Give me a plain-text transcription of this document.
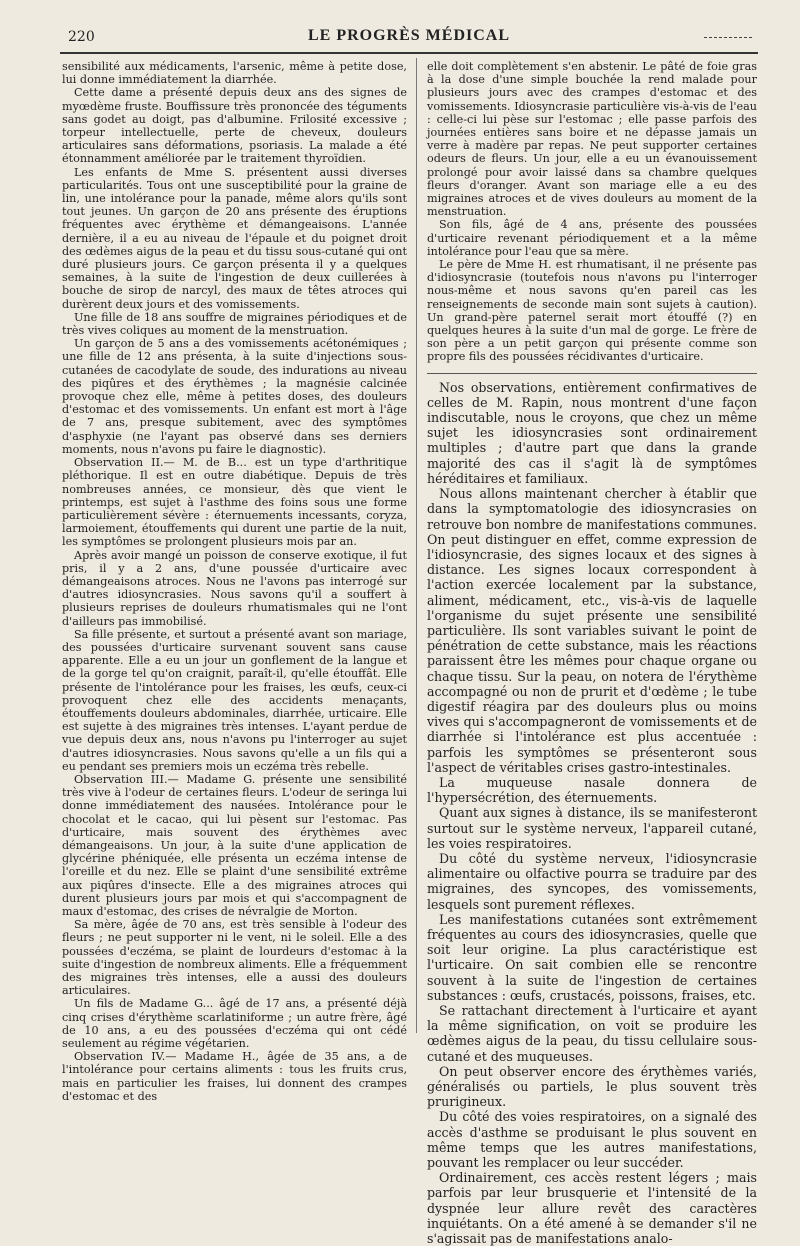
220	LE PROGRÈS MÉDICAL

sensibilité aux médicaments, l'arsenic, même à petite dose, lui donne immédiatement la diarrhée.

Cette dame a présenté depuis deux ans des signes de myœdème fruste. Bouffissure très prononcée des téguments sans godet au doigt, pas d'albumine. Frilosité excessive ; torpeur intellectuelle, perte de cheveux, douleurs articulaires sans déformations, psoriasis. La malade a été étonnamment améliorée par le traitement thyroïdien.

Les enfants de Mme S. présentent aussi diverses particularités. Tous ont une susceptibilité pour la graine de lin, une intolérance pour la panade, même alors qu'ils sont tout jeunes. Un garçon de 20 ans présente des éruptions fréquentes avec érythème et démangeaisons. L'année dernière, il a eu au niveau de l'épaule et du poignet droit des œdèmes aigus de la peau et du tissu sous-cutané qui ont duré plusieurs jours. Ce garçon présenta il y a quelques semaines, à la suite de l'ingestion de deux cuillerées à bouche de sirop de narcyl, des maux de têtes atroces qui durèrent deux jours et des vomissements.

Une fille de 18 ans souffre de migraines périodiques et de très vives coliques au moment de la menstruation.

Un garçon de 5 ans a des vomissements acétonémiques ; une fille de 12 ans présenta, à la suite d'injections sous-cutanées de cacodylate de soude, des indurations au niveau des piqûres et des érythèmes ; la magnésie calcinée provoque chez elle, même à petites doses, des douleurs d'estomac et des vomissements. Un enfant est mort à l'âge de 7 ans, presque subitement, avec des symptômes d'asphyxie (ne l'ayant pas observé dans ses derniers moments, nous n'avons pu faire le diagnostic).

Observation II.— M. de B... est un type d'arthritique pléthorique. Il est en outre diabétique. Depuis de très nombreuses années, ce monsieur, dès que vient le printemps, est sujet à l'asthme des foins sous une forme particulièrement sévère : éternuements incessants, coryza, larmoiement, étouffements qui durent une partie de la nuit, les symptômes se prolongent plusieurs mois par an.

Après avoir mangé un poisson de conserve exotique, il fut pris, il y a 2 ans, d'une poussée d'urticaire avec démangeaisons atroces. Nous ne l'avons pas interrogé sur d'autres idiosyncrasies. Nous savons qu'il a souffert à plusieurs reprises de douleurs rhumatismales qui ne l'ont d'ailleurs pas immobilisé.

Sa fille présente, et surtout a présenté avant son mariage, des poussées d'urticaire survenant souvent sans cause apparente. Elle a eu un jour un gonflement de la langue et de la gorge tel qu'on craignit, paraît-il, qu'elle étouffât. Elle présente de l'intolérance pour les fraises, les œufs, ceux-ci provoquent chez elle des accidents menaçants, étouffements douleurs abdominales, diarrhée, urticaire. Elle est sujette à des migraines très intenses. L'ayant perdue de vue depuis deux ans, nous n'avons pu l'interroger au sujet d'autres idiosyncrasies. Nous savons qu'elle a un fils qui a eu pendant ses premiers mois un eczéma très rebelle.

Observation III.— Madame G. présente une sensibilité très vive à l'odeur de certaines fleurs. L'odeur de seringa lui donne immédiatement des nausées. Intolérance pour le chocolat et le cacao, qui lui pèsent sur l'estomac. Pas d'urticaire, mais souvent des érythèmes avec démangeaisons. Un jour, à la suite d'une application de glycérine phéniquée, elle présenta un eczéma intense de l'oreille et du nez. Elle se plaint d'une sensibilité extrême aux piqûres d'insecte. Elle a des migraines atroces qui durent plusieurs jours par mois et qui s'accompagnent de maux d'estomac, des crises de névralgie de Morton.

Sa mère, âgée de 70 ans, est très sensible à l'odeur des fleurs ; ne peut supporter ni le vent, ni le soleil. Elle a des poussées d'eczéma, se plaint de lourdeurs d'estomac à la suite d'ingestion de nombreux aliments. Elle a fréquemment des migraines très intenses, elle a aussi des douleurs articulaires.

Un fils de Madame G... âgé de 17 ans, a présenté déjà cinq crises d'érythème scarlatiniforme ; un autre frère, âgé de 10 ans, a eu des poussées d'eczéma qui ont cédé seulement au régime végétarien.

Observation IV.— Madame H., âgée de 35 ans, a de l'intolérance pour certains aliments : tous les fruits crus, mais en particulier les fraises, lui donnent des crampes d'estomac et des

elle doit complètement s'en abstenir. Le pâté de foie gras à la dose d'une simple bouchée la rend malade pour plusieurs jours avec des crampes d'estomac et des vomissements. Idiosyncrasie particulière vis-à-vis de l'eau : celle-ci lui pèse sur l'estomac ; elle passe parfois des journées entières sans boire et ne dépasse jamais un verre à madère par repas. Ne peut supporter certaines odeurs de fleurs. Un jour, elle a eu un évanouissement prolongé pour avoir laissé dans sa chambre quelques fleurs d'oranger. Avant son mariage elle a eu des migraines atroces et de vives douleurs au moment de la menstruation.

Son fils, âgé de 4 ans, présente des poussées d'urticaire revenant périodiquement et a la même intolérance pour l'eau que sa mère.

Le père de Mme H. est rhumatisant, il ne présente pas d'idiosyncrasie (toutefois nous n'avons pu l'interroger nous-même et nous savons qu'en pareil cas les renseignements de seconde main sont sujets à caution). Un grand-père paternel serait mort étouffé (?) en quelques heures à la suite d'un mal de gorge. Le frère de son père a un petit garçon qui présente comme son propre fils des poussées récidivantes d'urticaire.

Nos observations, entièrement confirmatives de celles de M. Rapin, nous montrent d'une façon indiscutable, nous le croyons, que chez un même sujet les idiosyncrasies sont ordinairement multiples ; d'autre part que dans la grande majorité des cas il s'agit là de symptômes héréditaires et familiaux.

Nous allons maintenant chercher à établir que dans la symptomatologie des idiosyncrasies on retrouve bon nombre de manifestations communes. On peut distinguer en effet, comme expression de l'idiosyncrasie, des signes locaux et des signes à distance. Les signes locaux correspondent à l'action exercée localement par la substance, aliment, médicament, etc., vis-à-vis de laquelle l'organisme du sujet présente une sensibilité particulière. Ils sont variables suivant le point de pénétration de cette substance, mais les réactions paraissent être les mêmes pour chaque organe ou chaque tissu. Sur la peau, on notera de l'érythème accompagné ou non de prurit et d'œdème ; le tube digestif réagira par des douleurs plus ou moins vives qui s'accompagneront de vomissements et de diarrhée si l'intolérance est plus accentuée : parfois les symptômes se présenteront sous l'aspect de véritables crises gastro-intestinales.

La muqueuse nasale donnera de l'hypersécrétion, des éternuements.

Quant aux signes à distance, ils se manifesteront surtout sur le système nerveux, l'appareil cutané, les voies respiratoires.

Du côté du système nerveux, l'idiosyncrasie alimentaire ou olfactive pourra se traduire par des migraines, des syncopes, des vomissements, lesquels sont purement réflexes.

Les manifestations cutanées sont extrêmement fréquentes au cours des idiosyncrasies, quelle que soit leur origine. La plus caractéristique est l'urticaire. On sait combien elle se rencontre souvent à la suite de l'ingestion de certaines substances : œufs, crustacés, poissons, fraises, etc.

Se rattachant directement à l'urticaire et ayant la même signification, on voit se produire les œdèmes aigus de la peau, du tissu cellulaire sous-cutané et des muqueuses.

On peut observer encore des érythèmes variés, généralisés ou partiels, le plus souvent très prurigineux.

Du côté des voies respiratoires, on a signalé des accès d'asthme se produisant le plus souvent en même temps que les autres manifestations, pouvant les remplacer ou leur succéder.

Ordinairement, ces accès restent légers ; mais parfois par leur brusquerie et l'intensité de la dyspnée leur allure revêt des caractères inquiétants. On a été amené à se demander s'il ne s'agissait pas de manifestations analo-
